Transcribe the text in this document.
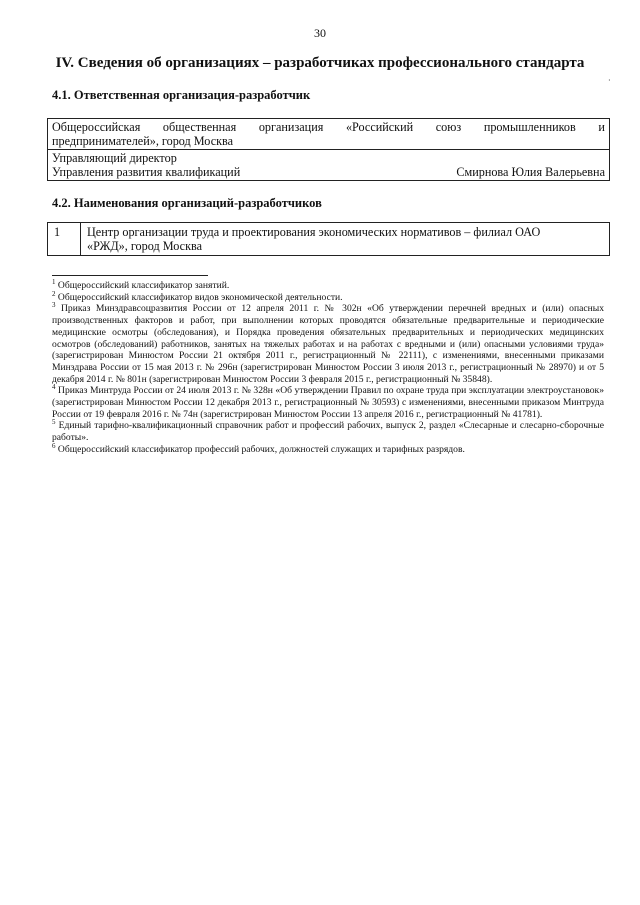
30
IV. Сведения об организациях – разработчиках профессионального стандарта
·
4.1. Ответственная организация-разработчик
Общероссийская общественная организация «Российский союз промышленников и
предпринимателей», город Москва

Управляющий директор
Управления развития квалификаций	Смирнова Юлия Валерьевна
4.2. Наименования организаций-разработчиков
1	Центр организации труда и проектирования экономических нормативов – филиал ОАО
«РЖД», город Москва

$^1$ Общероссийский классификатор занятий.

$^2$ Общероссийский классификатор видов экономической деятельности.

$^3$ Приказ Минздравсоцразвития России от 12 апреля 2011 г. № 302н «Об утверждении перечней вредных и (или) опасных производственных факторов и работ, при выполнении которых проводятся обязательные предварительные и периодические медицинские осмотры (обследования), и Порядка проведения обязательных предварительных и периодических медицинских осмотров (обследований) работников, занятых на тяжелых работах и на работах с вредными и (или) опасными условиями труда» (зарегистрирован Минюстом России 21 октября 2011 г., регистрационный № 22111), с изменениями, внесенными приказами Минздрава России от 15 мая 2013 г. № 296н (зарегистрирован Минюстом России 3 июля 2013 г., регистрационный № 28970) и от 5 декабря 2014 г. № 801н (зарегистрирован Минюстом России 3 февраля 2015 г., регистрационный № 35848).

$^4$ Приказ Минтруда России от 24 июля 2013 г. № 328н «Об утверждении Правил по охране труда при эксплуатации электроустановок» (зарегистрирован Минюстом России 12 декабря 2013 г., регистрационный № 30593) с изменениями, внесенными приказом Минтруда России от 19 февраля 2016 г. № 74н (зарегистрирован Минюстом России 13 апреля 2016 г., регистрационный № 41781).

$^5$ Единый тарифно-квалификационный справочник работ и профессий рабочих, выпуск 2, раздел «Слесарные и слесарно-сборочные работы».

$^6$ Общероссийский классификатор профессий рабочих, должностей служащих и тарифных разрядов.
